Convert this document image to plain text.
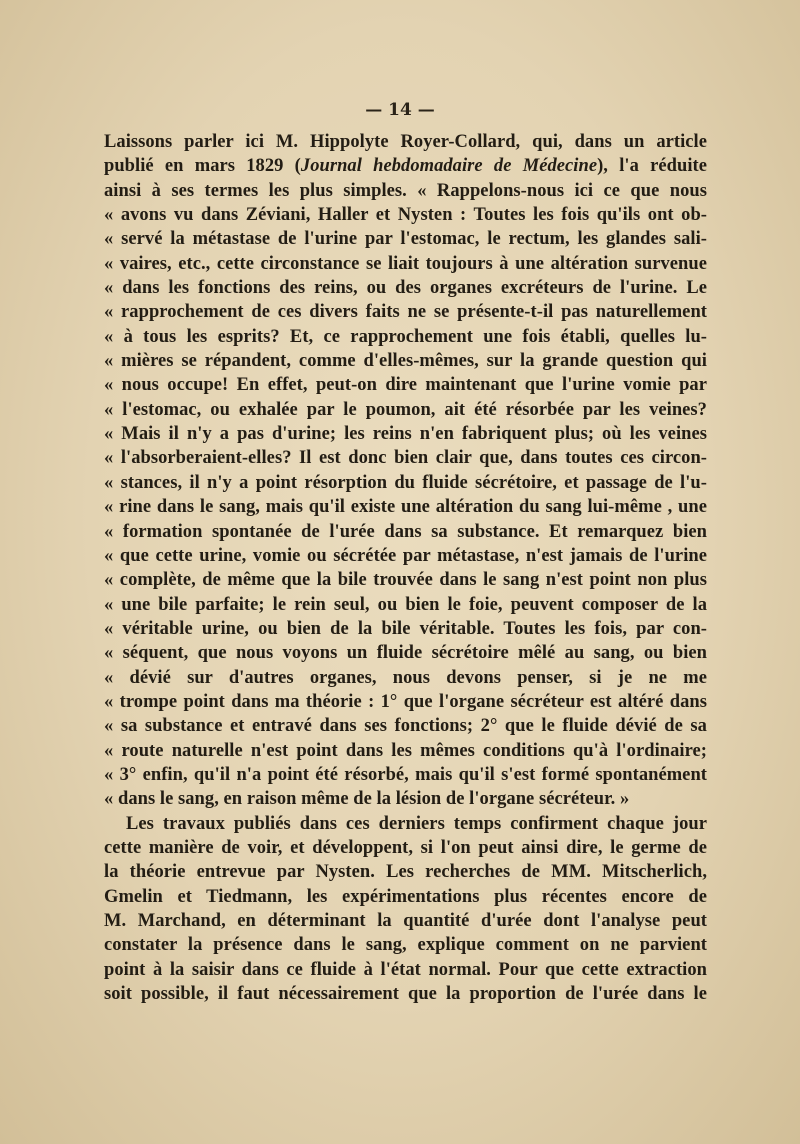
— 14 —
Laissons parler ici M. Hippolyte Royer-Collard, qui, dans un article
publié en mars 1829 (Journal hebdomadaire de Médecine), l'a réduite
ainsi à ses termes les plus simples. « Rappelons-nous ici ce que nous
« avons vu dans Zéviani, Haller et Nysten : Toutes les fois qu'ils ont ob-
« servé la métastase de l'urine par l'estomac, le rectum, les glandes sali-
« vaires, etc., cette circonstance se liait toujours à une altération survenue
« dans les fonctions des reins, ou des organes excréteurs de l'urine. Le
« rapprochement de ces divers faits ne se présente-t-il pas naturellement
« à tous les esprits? Et, ce rapprochement une fois établi, quelles lu-
« mières se répandent, comme d'elles-mêmes, sur la grande question qui
« nous occupe! En effet, peut-on dire maintenant que l'urine vomie par
« l'estomac, ou exhalée par le poumon, ait été résorbée par les veines?
« Mais il n'y a pas d'urine; les reins n'en fabriquent plus; où les veines
« l'absorberaient-elles? Il est donc bien clair que, dans toutes ces circon-
« stances, il n'y a point résorption du fluide sécrétoire, et passage de l'u-
« rine dans le sang, mais qu'il existe une altération du sang lui-même , une
« formation spontanée de l'urée dans sa substance. Et remarquez bien
« que cette urine, vomie ou sécrétée par métastase, n'est jamais de l'urine
« complète, de même que la bile trouvée dans le sang n'est point non plus
« une bile parfaite; le rein seul, ou bien le foie, peuvent composer de la
« véritable urine, ou bien de la bile véritable. Toutes les fois, par con-
« séquent, que nous voyons un fluide sécrétoire mêlé au sang, ou bien
« dévié sur d'autres organes, nous devons penser, si je ne me
« trompe point dans ma théorie : 1° que l'organe sécréteur est altéré dans
« sa substance et entravé dans ses fonctions; 2° que le fluide dévié de sa
« route naturelle n'est point dans les mêmes conditions qu'à l'ordinaire;
« 3° enfin, qu'il n'a point été résorbé, mais qu'il s'est formé spontanément
« dans le sang, en raison même de la lésion de l'organe sécréteur. »
Les travaux publiés dans ces derniers temps confirment chaque jour
cette manière de voir, et développent, si l'on peut ainsi dire, le germe de
la théorie entrevue par Nysten. Les recherches de MM. Mitscherlich,
Gmelin et Tiedmann, les expérimentations plus récentes encore de
M. Marchand, en déterminant la quantité d'urée dont l'analyse peut
constater la présence dans le sang, explique comment on ne parvient
point à la saisir dans ce fluide à l'état normal. Pour que cette extraction
soit possible, il faut nécessairement que la proportion de l'urée dans le
